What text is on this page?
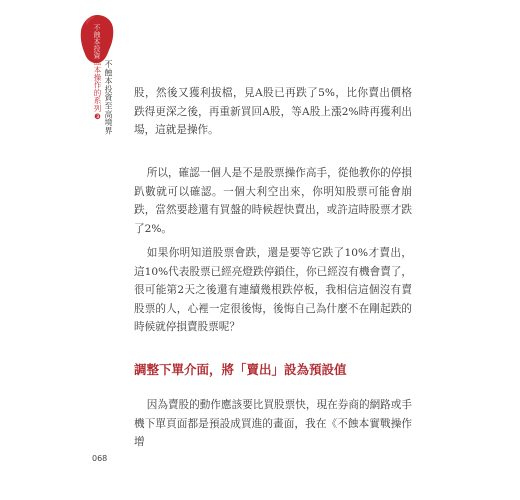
不蝕本投資
蝕本操作的系列❸ 不蝕本投資至高境界 股，然後又獲利拔檔，見A股已再跌了5%，比你賣出價格跌得更深之後，再重新買回A股，等A股上漲2%時再獲利出場，這就是操作。

所以，確認一個人是不是股票操作高手，從他教你的停損趴數就可以確認。一個大利空出來，你明知股票可能會崩跌，當然要趁還有買盤的時候趕快賣出，或許這時股票才跌了2%。

如果你明知道股票會跌，還是要等它跌了10%才賣出，這10%代表股票已經亮燈跌停鎖住，你已經沒有機會賣了，很可能第2天之後還有連續幾根跌停板，我相信這個沒有賣股票的人，心裡一定很後悔，後悔自己為什麼不在剛起跌的時候就停損賣股票呢？

調整下單介面，將「賣出」設為預設值

因為賣股的動作應該要比買股票快，現在券商的網路或手機下單頁面都是預設成買進的畫面，我在《不蝕本實戰操作增

068
